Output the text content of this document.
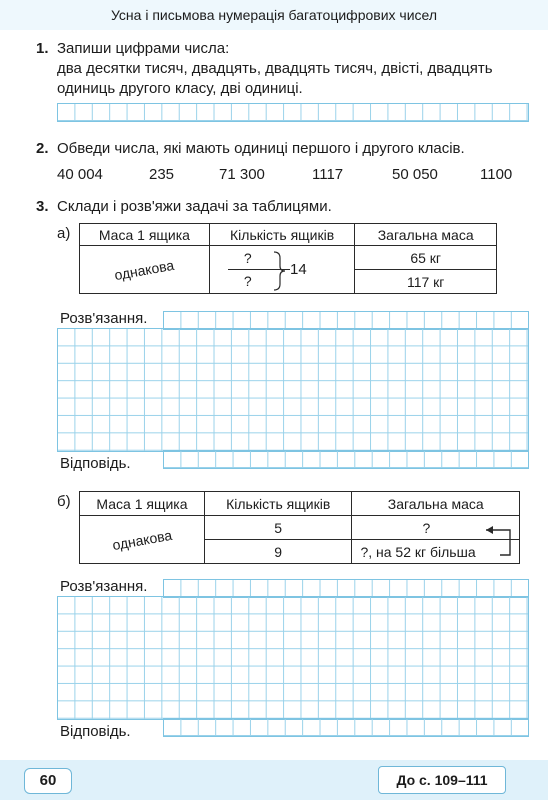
Усна і письмова нумерація багатоцифрових чисел
1. Запиши цифрами числа:
два десятки тисяч, двадцять, двадцять тисяч, двісті, двадцять
одиниць другого класу, дві одиниці.
2. Обведи числа, які мають одиниці першого і другого класів.
40 004	235	71 300	1117	50 050	1100
3. Склади і розв'яжи задачі за таблицями.
а) Маса 1 ящика	Кількість ящиків	Загальна маса
однакова	?	65 кг
	?	117 кг
14
Розв'язання.
Відповідь.
б) Маса 1 ящика	Кількість ящиків	Загальна маса
однакова	5	?
	9	?, на 52 кг більша
Розв'язання.
Відповідь.
60	До с. 109–111
